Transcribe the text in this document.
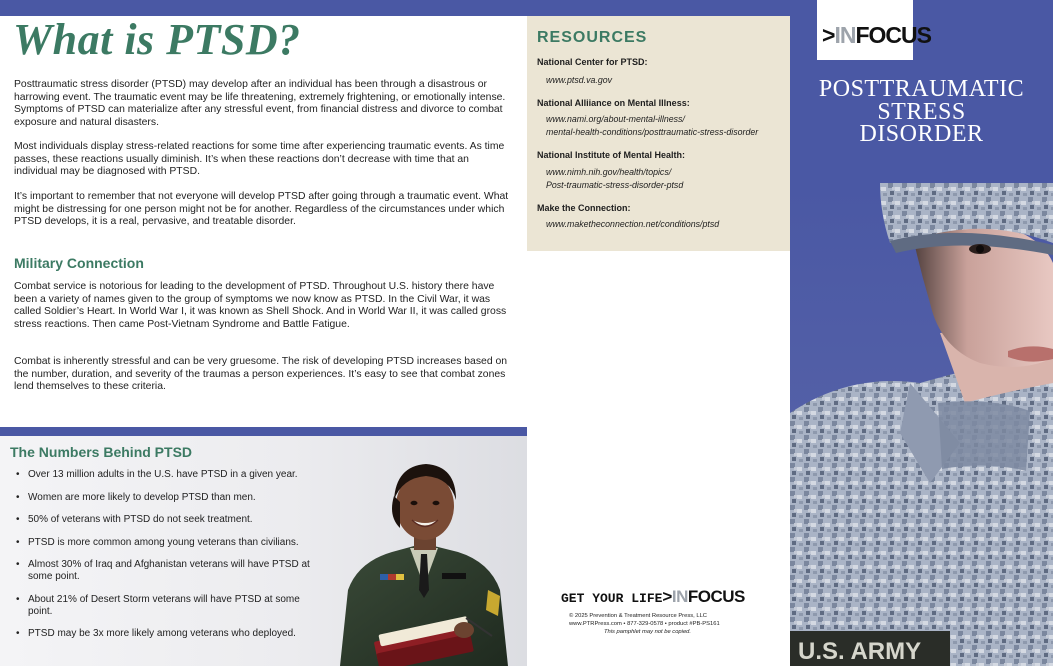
What is PTSD?

Posttraumatic stress disorder (PTSD) may develop after an individual has been through a disastrous or harrowing event. The traumatic event may be life threatening, extremely frightening, or emotionally intense. Symptoms of PTSD can materialize after any stressful event, from financial distress and divorce to combat exposure and natural disasters.

Most individuals display stress-related reactions for some time after experiencing traumatic events. As time passes, these reactions usually diminish. It’s when these reactions don’t decrease with time that an individual may be diagnosed with PTSD.

It’s important to remember that not everyone will develop PTSD after going through a traumatic event. What might be distressing for one person might not be for another. Regardless of the circumstances under which PTSD develops, it is a real, pervasive, and treatable disorder.

Military Connection

Combat service is notorious for leading to the development of PTSD. Throughout U.S. history there have been a variety of names given to the group of symptoms we now know as PTSD. In the Civil War, it was called Soldier’s Heart. In World War I, it was known as Shell Shock. And in World War II, it was called gross stress reactions. Then came Post-Vietnam Syndrome and Battle Fatigue.

Combat is inherently stressful and can be very gruesome. The risk of developing PTSD increases based on the number, duration, and severity of the traumas a person experiences. It’s easy to see that combat zones lend themselves to these criteria.

The Numbers Behind PTSD
• Over 13 million adults in the U.S. have PTSD in a given year.
• Women are more likely to develop PTSD than men.
• 50% of veterans with PTSD do not seek treatment.
• PTSD is more common among young veterans than civilians.
• Almost 30% of Iraq and Afghanistan veterans will have PTSD at some point.
• About 21% of Desert Storm veterans will have PTSD at some point.
• PTSD may be 3x more likely among veterans who deployed.
RESOURCES
National Center for PTSD:
www.ptsd.va.gov
National Alliiance on Mental Illness:
www.nami.org/about-mental-illness/
mental-health-conditions/posttraumatic-stress-disorder
National Institute of Mental Health:
www.nimh.nih.gov/health/topics/
Post-traumatic-stress-disorder-ptsd
Make the Connection:
www.maketheconnection.net/conditions/ptsd
GET YOUR LIFE>INFOCUS
© 2025 Prevention & Treatment Resource Press, LLC
www.PTRPress.com • 877-329-0578 • product #PB-PS161
This pamphlet may not be copied.
>INFOCUS
POSTTRAUMATIC
STRESS
DISORDER
U.S. ARMY
